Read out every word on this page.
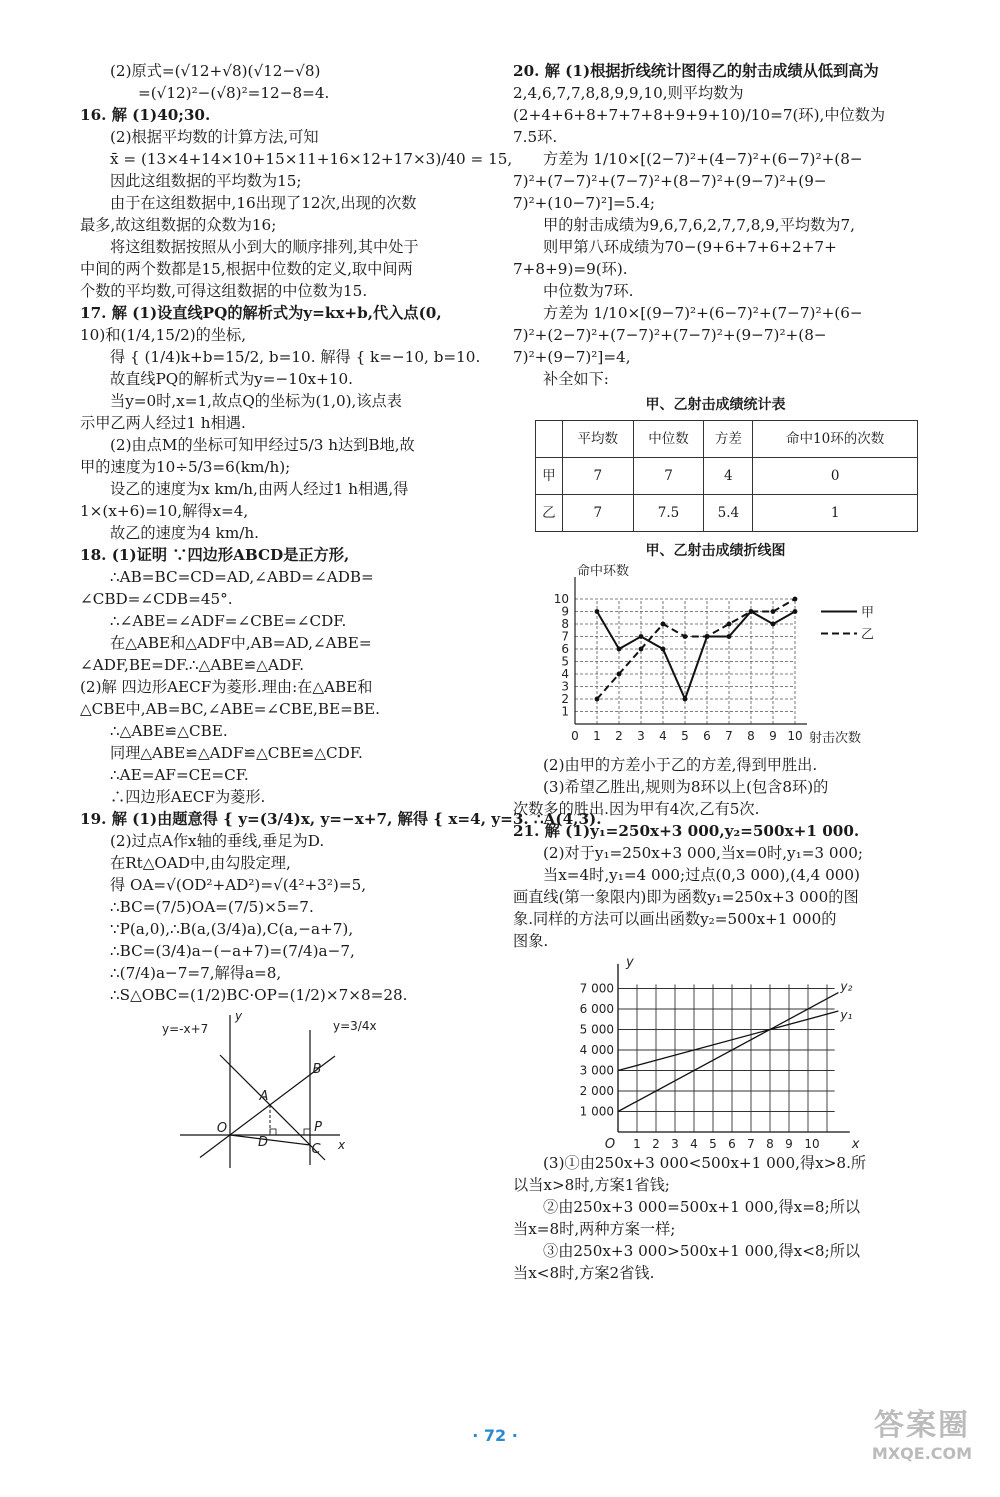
(2)原式=(√12+√8)(√12−√8)
=(√12)²−(√8)²=12−8=4.
16. 解 (1)40;30.
(2)根据平均数的计算方法,可知
x̄ = (13×4+14×10+15×11+16×12+17×3)/40 = 15,
因此这组数据的平均数为15;
由于在这组数据中,16出现了12次,出现的次数
最多,故这组数据的众数为16;
将这组数据按照从小到大的顺序排列,其中处于
中间的两个数都是15,根据中位数的定义,取中间两
个数的平均数,可得这组数据的中位数为15.
17. 解 (1)设直线PQ的解析式为y=kx+b,代入点(0,
10)和(1/4,15/2)的坐标,
得 { (1/4)k+b=15/2, b=10. 解得 { k=−10, b=10.
故直线PQ的解析式为y=−10x+10.
当y=0时,x=1,故点Q的坐标为(1,0),该点表
示甲乙两人经过1 h相遇.
(2)由点M的坐标可知甲经过5/3 h达到B地,故
甲的速度为10÷5/3=6(km/h);
设乙的速度为x km/h,由两人经过1 h相遇,得
1×(x+6)=10,解得x=4,
故乙的速度为4 km/h.
18. (1)证明 ∵四边形ABCD是正方形,
∴AB=BC=CD=AD,∠ABD=∠ADB=
∠CBD=∠CDB=45°.
∴∠ABE=∠ADF=∠CBE=∠CDF.
在△ABE和△ADF中,AB=AD,∠ABE=
∠ADF,BE=DF.∴△ABE≌△ADF.
(2)解 四边形AECF为菱形.理由:在△ABE和
△CBE中,AB=BC,∠ABE=∠CBE,BE=BE.
∴△ABE≌△CBE.
同理△ABE≌△ADF≌△CBE≌△CDF.
∴AE=AF=CE=CF.
∴四边形AECF为菱形.
19. 解 (1)由题意得 { y=(3/4)x, y=−x+7, 解得 { x=4, y=3. ∴A(4,3).
(2)过点A作x轴的垂线,垂足为D.
在Rt△OAD中,由勾股定理,
得 OA=√(OD²+AD²)=√(4²+3²)=5,
∴BC=(7/5)OA=(7/5)×5=7.
∵P(a,0),∴B(a,(3/4)a),C(a,−a+7),
∴BC=(3/4)a−(−a+7)=(7/4)a−7,
∴(7/4)a−7=7,解得a=8,
∴S△OBC=(1/2)BC·OP=(1/2)×7×8=28.
y
x
O
A
B
C
D
P
y=-x+7	y=3/4x
20. 解 (1)根据折线统计图得乙的射击成绩从低到高为
2,4,6,7,7,8,8,9,9,10,则平均数为
(2+4+6+8+7+7+8+9+9+10)/10=7(环),中位数为
7.5环.
方差为 1/10×[(2−7)²+(4−7)²+(6−7)²+(8−
7)²+(7−7)²+(7−7)²+(8−7)²+(9−7)²+(9−
7)²+(10−7)²]=5.4;
甲的射击成绩为9,6,7,6,2,7,7,8,9,平均数为7,
则甲第八环成绩为70−(9+6+7+6+2+7+
7+8+9)=9(环).
中位数为7环.
方差为 1/10×[(9−7)²+(6−7)²+(7−7)²+(6−
7)²+(2−7)²+(7−7)²+(7−7)²+(9−7)²+(8−
7)²+(9−7)²]=4,
补全如下:
甲、乙射击成绩统计表
	平均数	中位数	方差	命中10环的次数
甲	7	7	4	0
乙	7	7.5	5.4	1
甲、乙射击成绩折线图
命中环数
射击次数
0 1 2 3 4 5 6 7 8 9 10
1
2
3
4
5
6
7
8
9
10
甲
乙
(2)由甲的方差小于乙的方差,得到甲胜出.
(3)希望乙胜出,规则为8环以上(包含8环)的
次数多的胜出.因为甲有4次,乙有5次.
21. 解 (1)y₁=250x+3 000,y₂=500x+1 000.
(2)对于y₁=250x+3 000,当x=0时,y₁=3 000;
当x=4时,y₁=4 000;过点(0,3 000),(4,4 000)
画直线(第一象限内)即为函数y₁=250x+3 000的图
象.同样的方法可以画出函数y₂=500x+1 000的
图象.
y
x
O 1 2 3 4 5 6 7 8 9 10
1 000
2 000
3 000
4 000
5 000
6 000
7 000
y₁
y₂
(3)①由250x+3 000<500x+1 000,得x>8.所
以当x>8时,方案1省钱;
②由250x+3 000=500x+1 000,得x=8;所以
当x=8时,两种方案一样;
③由250x+3 000>500x+1 000,得x<8;所以
当x<8时,方案2省钱.
· 72 ·	答案圈
MXQE.COM
